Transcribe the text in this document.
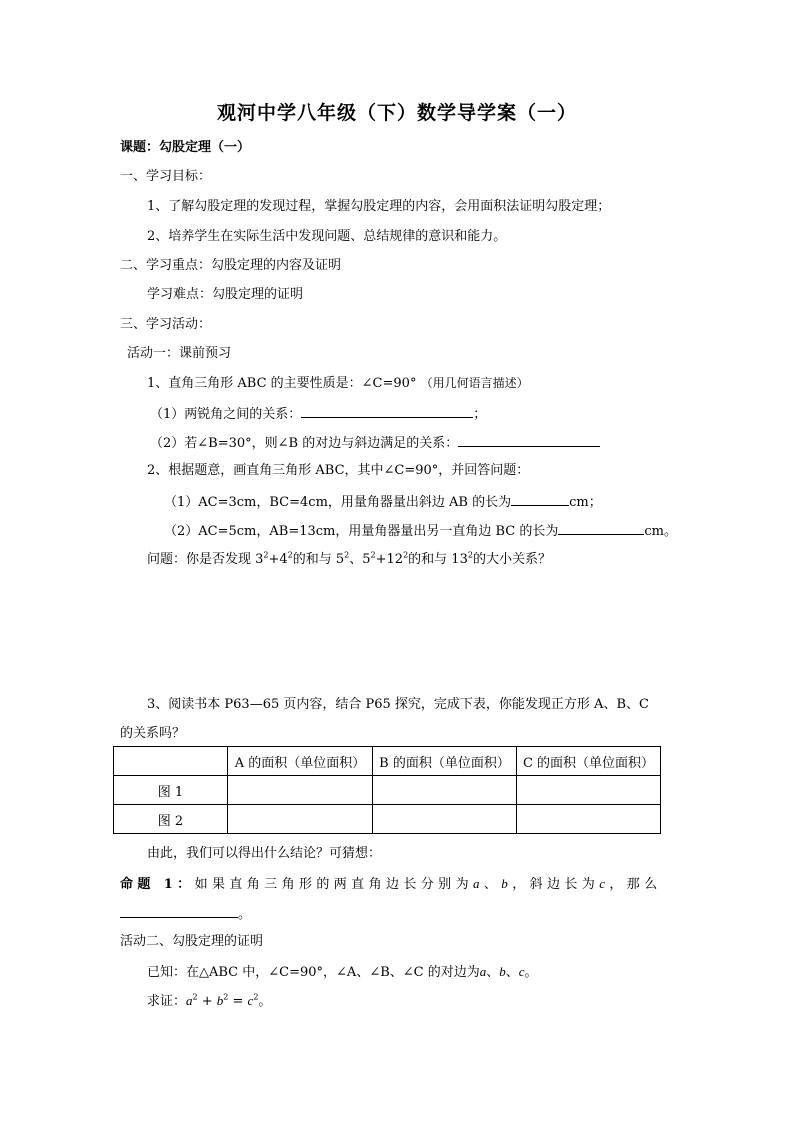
观河中学八年级（下）数学导学案（一）
课题：勾股定理（一）
一、学习目标：
1、了解勾股定理的发现过程，掌握勾股定理的内容，会用面积法证明勾股定理；
2、培养学生在实际生活中发现问题、总结规律的意识和能力。
二、学习重点：勾股定理的内容及证明
学习难点：勾股定理的证明
三、学习活动：
活动一：课前预习
1、直角三角形 ABC 的主要性质是：∠C=90° （用几何语言描述）
（1）两锐角之间的关系：	；
（2）若∠B=30°，则∠B 的对边与斜边满足的关系：
2、根据题意，画直角三角形 ABC，其中∠C=90°，并回答问题：
（1）AC=3cm，BC=4cm，用量角器量出斜边 AB 的长为	cm；
（2）AC=5cm，AB=13cm，用量角器量出另一直角边 BC 的长为	cm。
问题：你是否发现 $3^2+4^2$的和与 $5^2$、$5^2+12^2$的和与 $13^2$的大小关系？
3、阅读书本 P63—65 页内容，结合 P65 探究，完成下表，你能发现正方形 A、B、C
的关系吗？
	A 的面积（单位面积）	B 的面积（单位面积）	C 的面积（单位面积）
图 1			
图 2			
由此，我们可以得出什么结论？可猜想：
命题 1：如果直角三角形的两直角边长分别为a、b，斜边长为c，那么
。
活动二、勾股定理的证明
已知：在△ABC 中，∠C=90°，∠A、∠B、∠C 的对边为a、b、c。
求证：$a^2 + b^2 = c^2$。
